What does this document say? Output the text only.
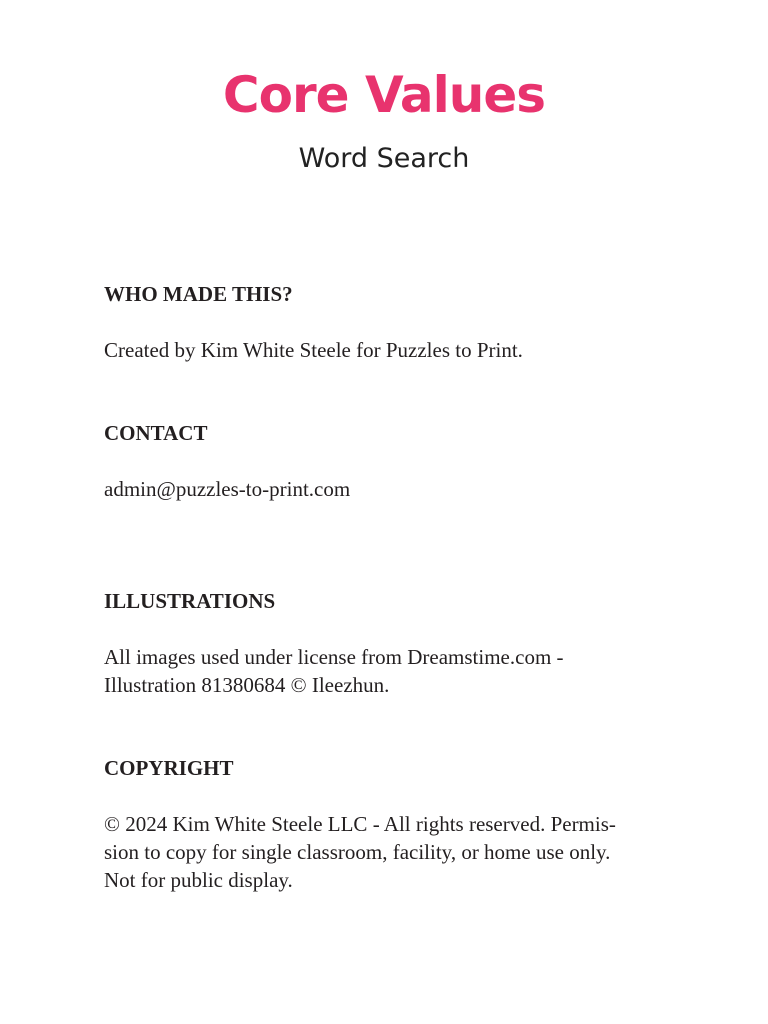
Core Values
Word Search
WHO MADE THIS?

Created by Kim White Steele for Puzzles to Print.

CONTACT

admin@puzzles-to-print.com

ILLUSTRATIONS

All images used under license from Dreamstime.com -
Illustration 81380684 © Ileezhun.

COPYRIGHT

© 2024 Kim White Steele LLC - All rights reserved. Permis-
sion to copy for single classroom, facility, or home use only.
Not for public display.
